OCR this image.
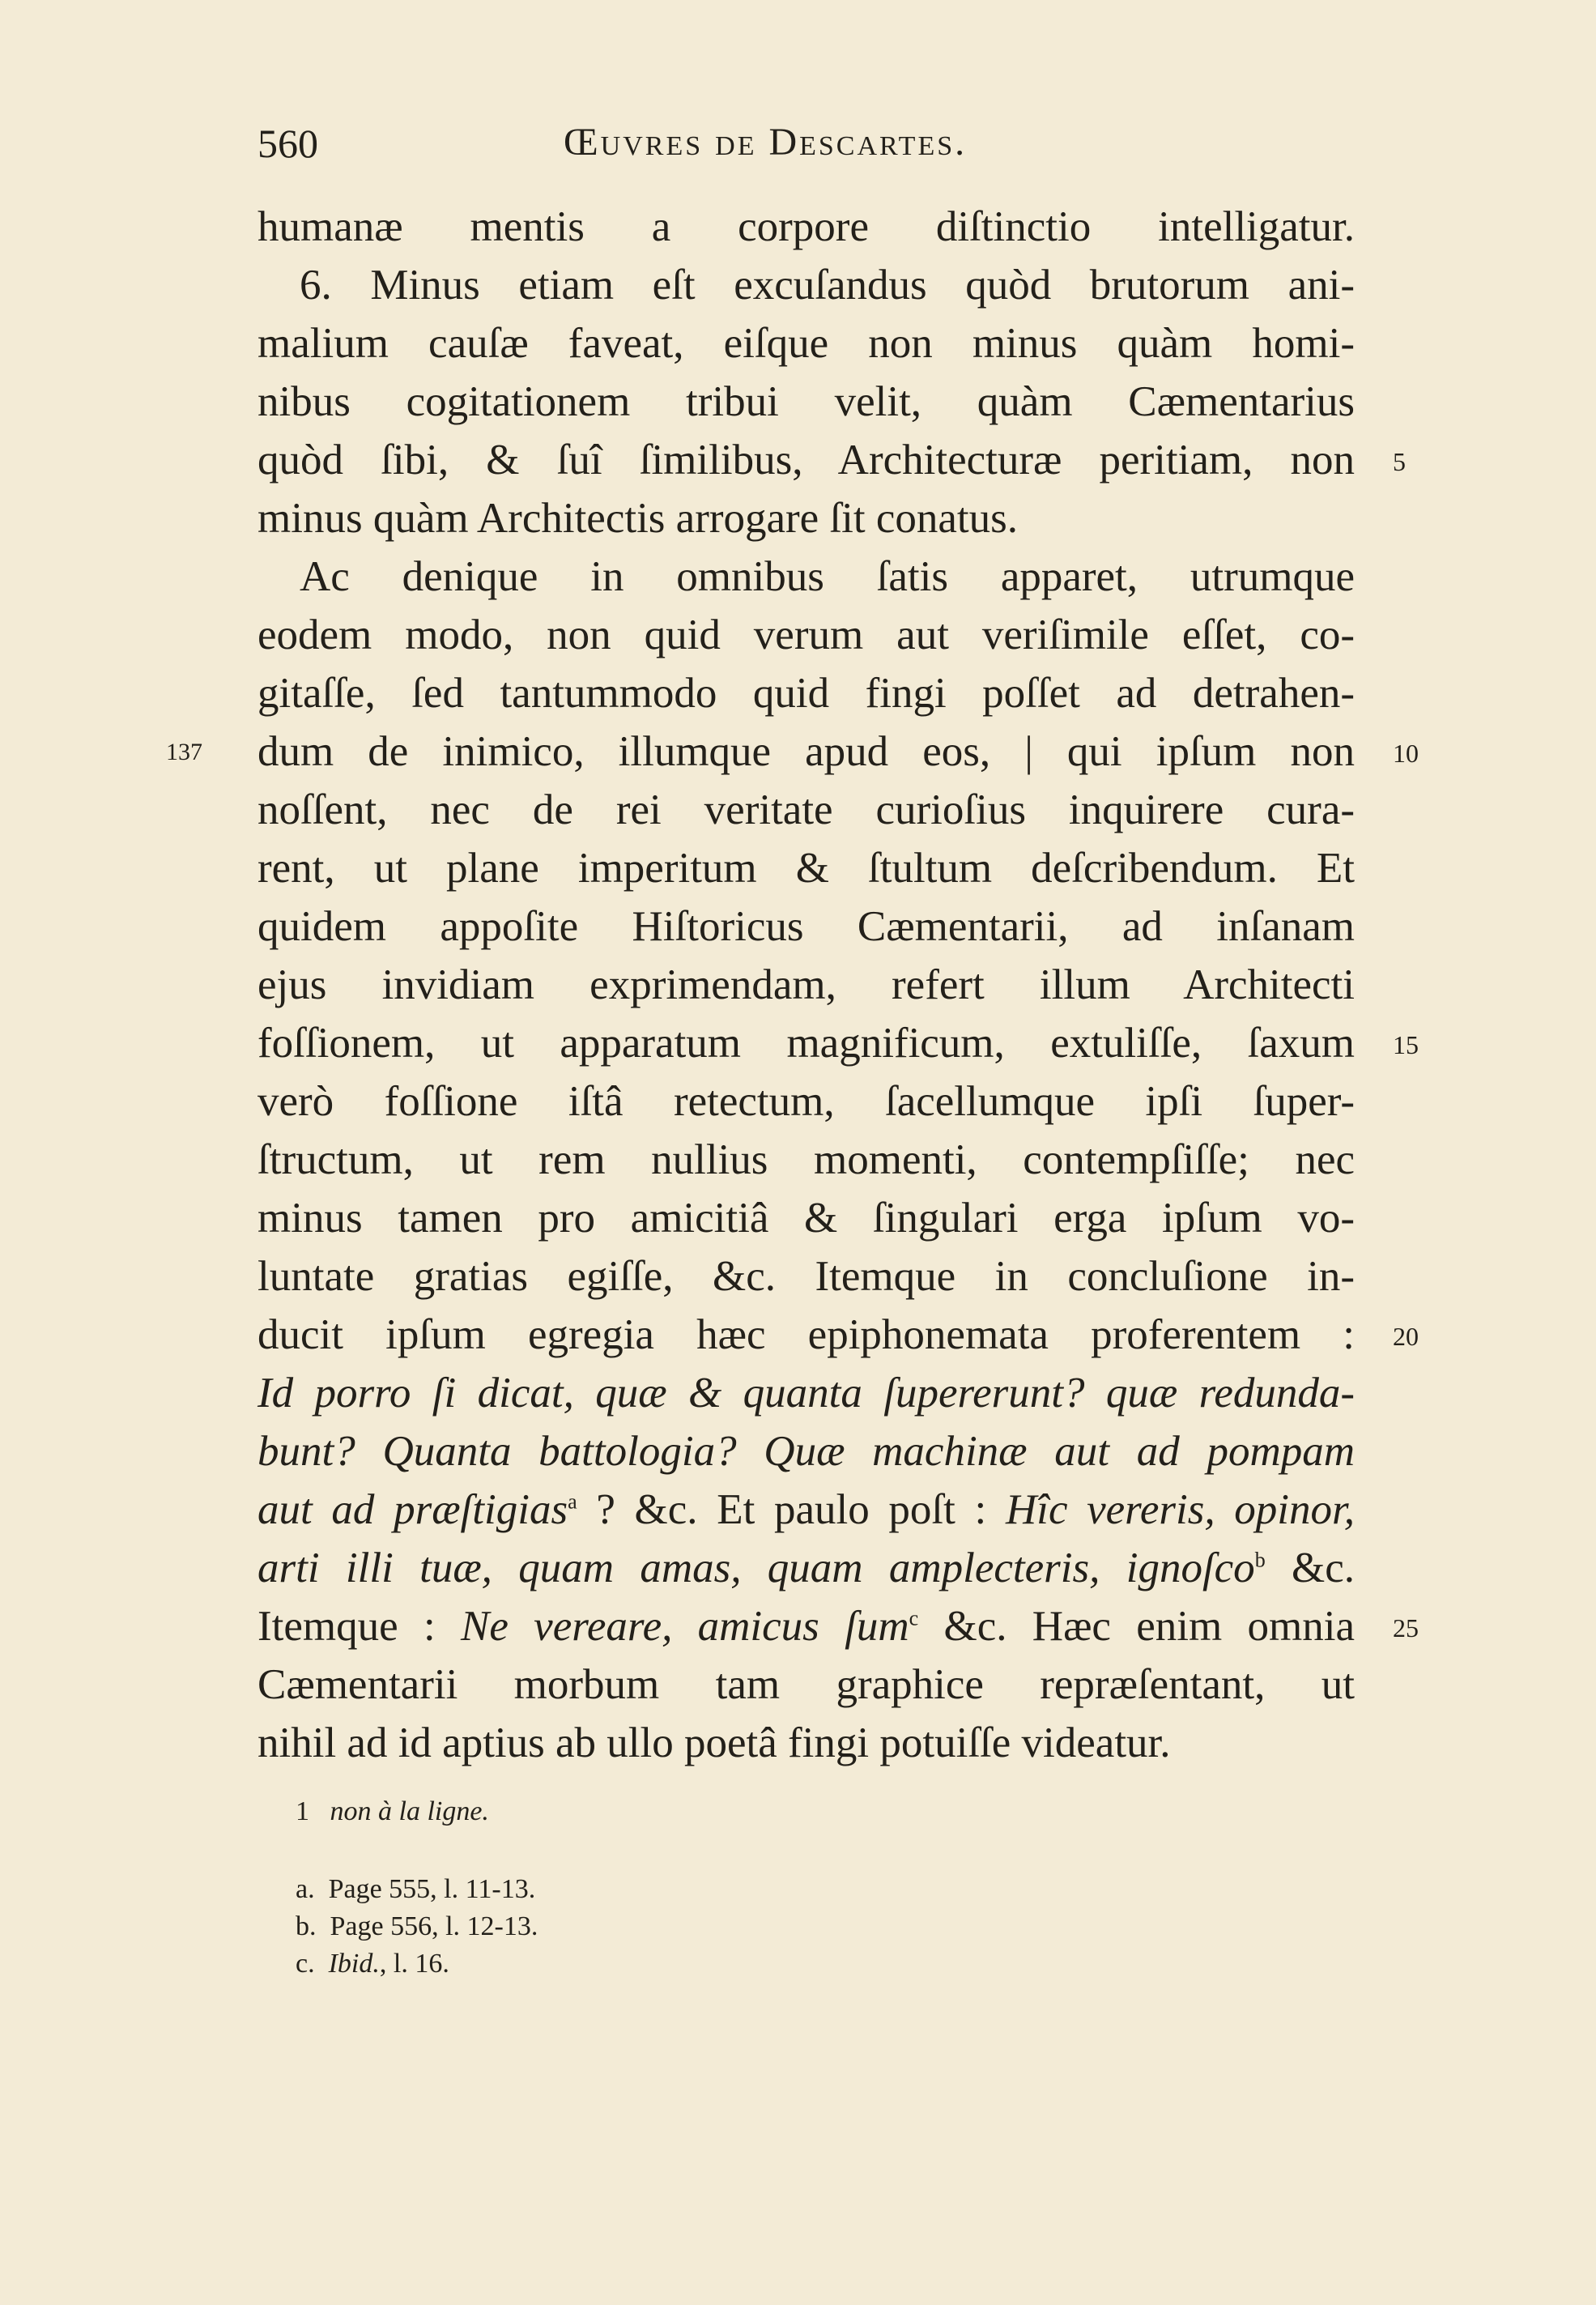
560	Œuvres de Descartes.
humanæ mentis a corpore diſtinctio intelligatur.
6. Minus etiam eſt excuſandus quòd brutorum ani-
malium cauſæ faveat, eiſque non minus quàm homi-
nibus cogitationem tribui velit, quàm Cæmentarius
quòd ſibi, & ſuî ſimilibus, Architecturæ peritiam, non
minus quàm Architectis arrogare ſit conatus.
Ac denique in omnibus ſatis apparet, utrumque
eodem modo, non quid verum aut veriſimile eſſet, co-
gitaſſe, ſed tantummodo quid fingi poſſet ad detrahen-
dum de inimico, illumque apud eos, | qui ipſum non
noſſent, nec de rei veritate curioſius inquirere cura-
rent, ut plane imperitum & ſtultum deſcribendum. Et
quidem appoſite Hiſtoricus Cæmentarii, ad inſanam
ejus invidiam exprimendam, refert illum Architecti
foſſionem, ut apparatum magnificum, extuliſſe, ſaxum
verò foſſione iſtâ retectum, ſacellumque ipſi ſuper-
ſtructum, ut rem nullius momenti, contempſiſſe; nec
minus tamen pro amicitiâ & ſingulari erga ipſum vo-
luntate gratias egiſſe, &c. Itemque in concluſione in-
ducit ipſum egregia hæc epiphonemata proferentem :
Id porro ſi dicat, quæ & quanta ſupererunt? quæ redunda-
bunt? Quanta battologia? Quæ machinæ aut ad pompam
aut ad præſtigias$^a$ ? &c. Et paulo poſt : Hîc vereris, opinor,
arti illi tuæ, quam amas, quam amplecteris, ignoſco$^b$ &c.
Itemque : Ne vereare, amicus ſum$^c$ &c. Hæc enim omnia
Cæmentarii morbum tam graphice repræſentant, ut
nihil ad id aptius ab ullo poetâ fingi potuiſſe videatur.
1 non à la ligne.
a. Page 555, l. 11-13.
b. Page 556, l. 12-13.
c. Ibid., l. 16.
5
10
15
20
25
137
